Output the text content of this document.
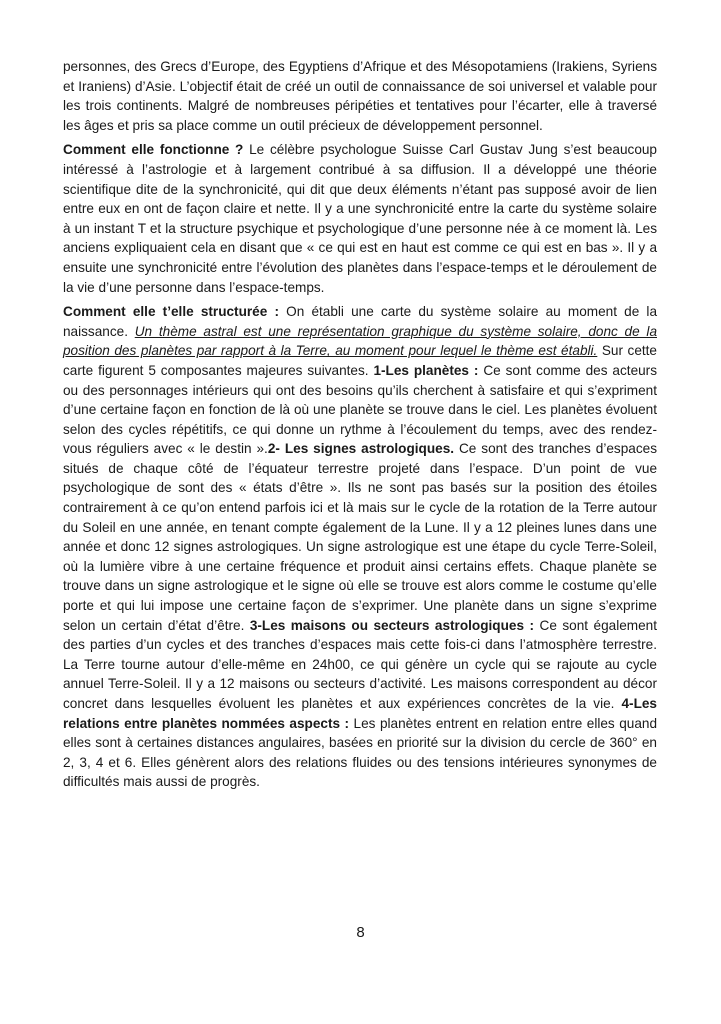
personnes, des Grecs d’Europe, des Egyptiens d’Afrique et des Mésopotamiens (Irakiens, Syriens et Iraniens) d’Asie. L’objectif était de créé un outil de connaissance de soi universel et valable pour les trois continents. Malgré de nombreuses péripéties et tentatives pour l’écarter, elle à traversé les âges et pris sa place comme un outil précieux de développement personnel.

Comment elle fonctionne ? Le célèbre psychologue Suisse Carl Gustav Jung s’est beaucoup intéressé à l’astrologie et à largement contribué à sa diffusion. Il a développé une théorie scientifique dite de la synchronicité, qui dit que deux éléments n’étant pas supposé avoir de lien entre eux en ont de façon claire et nette. Il y a une synchronicité entre la carte du système solaire à un instant T et la structure psychique et psychologique d’une personne née à ce moment là. Les anciens expliquaient cela en disant que « ce qui est en haut est comme ce qui est en bas ». Il y a ensuite une synchronicité entre l’évolution des planètes dans l’espace-temps et le déroulement de la vie d’une personne dans l’espace-temps.

Comment elle t’elle structurée : On établi une carte du système solaire au moment de la naissance. Un thème astral est une représentation graphique du système solaire, donc de la position des planètes par rapport à la Terre, au moment pour lequel le thème est établi. Sur cette carte figurent 5 composantes majeures suivantes. 1-Les planètes : Ce sont comme des acteurs ou des personnages intérieurs qui ont des besoins qu’ils cherchent à satisfaire et qui s’expriment d’une certaine façon en fonction de là où une planète se trouve dans le ciel. Les planètes évoluent selon des cycles répétitifs, ce qui donne un rythme à l’écoulement du temps, avec des rendez-vous réguliers avec « le destin ».2- Les signes astrologiques. Ce sont des tranches d’espaces situés de chaque côté de l’équateur terrestre projeté dans l’espace. D’un point de vue psychologique de sont des « états d’être ». Ils ne sont pas basés sur la position des étoiles contrairement à ce qu’on entend parfois ici et là mais sur le cycle de la rotation de la Terre autour du Soleil en une année, en tenant compte également de la Lune. Il y a 12 pleines lunes dans une année et donc 12 signes astrologiques. Un signe astrologique est une étape du cycle Terre-Soleil, où la lumière vibre à une certaine fréquence et produit ainsi certains effets. Chaque planète se trouve dans un signe astrologique et le signe où elle se trouve est alors comme le costume qu’elle porte et qui lui impose une certaine façon de s’exprimer. Une planète dans un signe s’exprime selon un certain d’état d’être. 3-Les maisons ou secteurs astrologiques : Ce sont également des parties d’un cycles et des tranches d’espaces mais cette fois-ci dans l’atmosphère terrestre. La Terre tourne autour d’elle-même en 24h00, ce qui génère un cycle qui se rajoute au cycle annuel Terre-Soleil. Il y a 12 maisons ou secteurs d’activité. Les maisons correspondent au décor concret dans lesquelles évoluent les planètes et aux expériences concrètes de la vie. 4-Les relations entre planètes nommées aspects : Les planètes entrent en relation entre elles quand elles sont à certaines distances angulaires, basées en priorité sur la division du cercle de 360° en 2, 3, 4 et 6. Elles génèrent alors des relations fluides ou des tensions intérieures synonymes de difficultés mais aussi de progrès.

8
